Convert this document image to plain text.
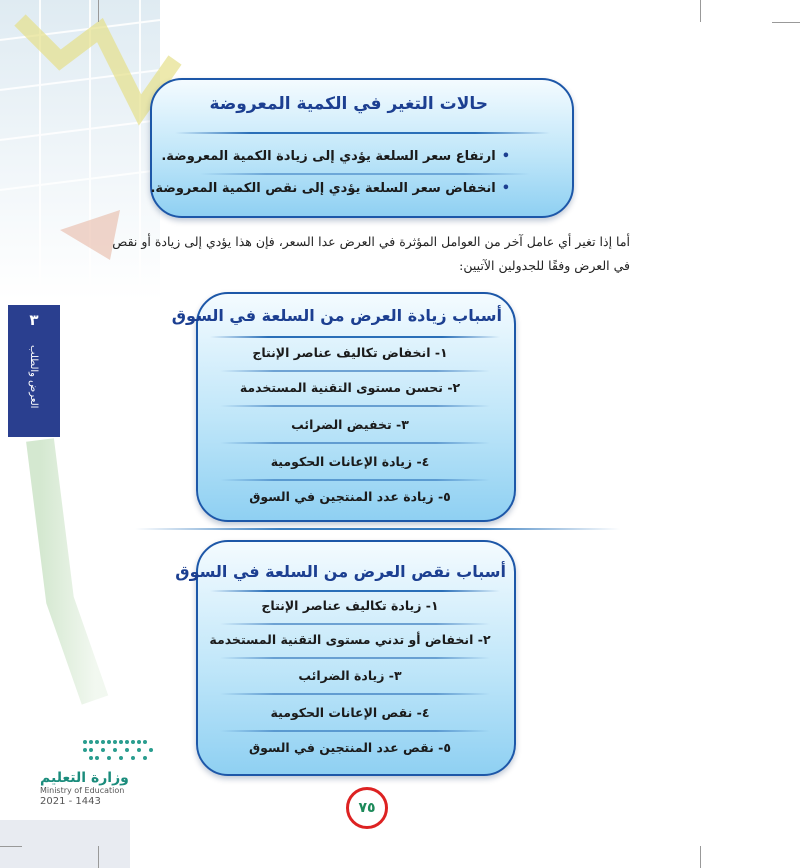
٣
العرض والطلب
حالات التغير في الكمية المعروضة
•ارتفاع سعر السلعة يؤدي إلى زيادة الكمية المعروضة.
•انخفاض سعر السلعة يؤدي إلى نقص الكمية المعروضة.
أما إذا تغير أي عامل آخر من العوامل المؤثرة في العرض عدا السعر، فإن هذا يؤدي إلى زيادة أو نقص
في العرض وفقًا للجدولين الآتيين:
أسباب زيادة العرض من السلعة في السوق
١- انخفاض تكاليف عناصر الإنتاج
٢- تحسن مستوى التقنية المستخدمة
٣- تخفيض الضرائب
٤- زيادة الإعانات الحكومية
٥- زيادة عدد المنتجين في السوق
أسباب نقص العرض من السلعة في السوق
١- زيادة تكاليف عناصر الإنتاج
٢- انخفاض أو تدني مستوى التقنية المستخدمة
٣- زيادة الضرائب
٤- نقص الإعانات الحكومية
٥- نقص عدد المنتجين في السوق
وزارة التعليم
Ministry of Education
2021 - 1443	٧٥
